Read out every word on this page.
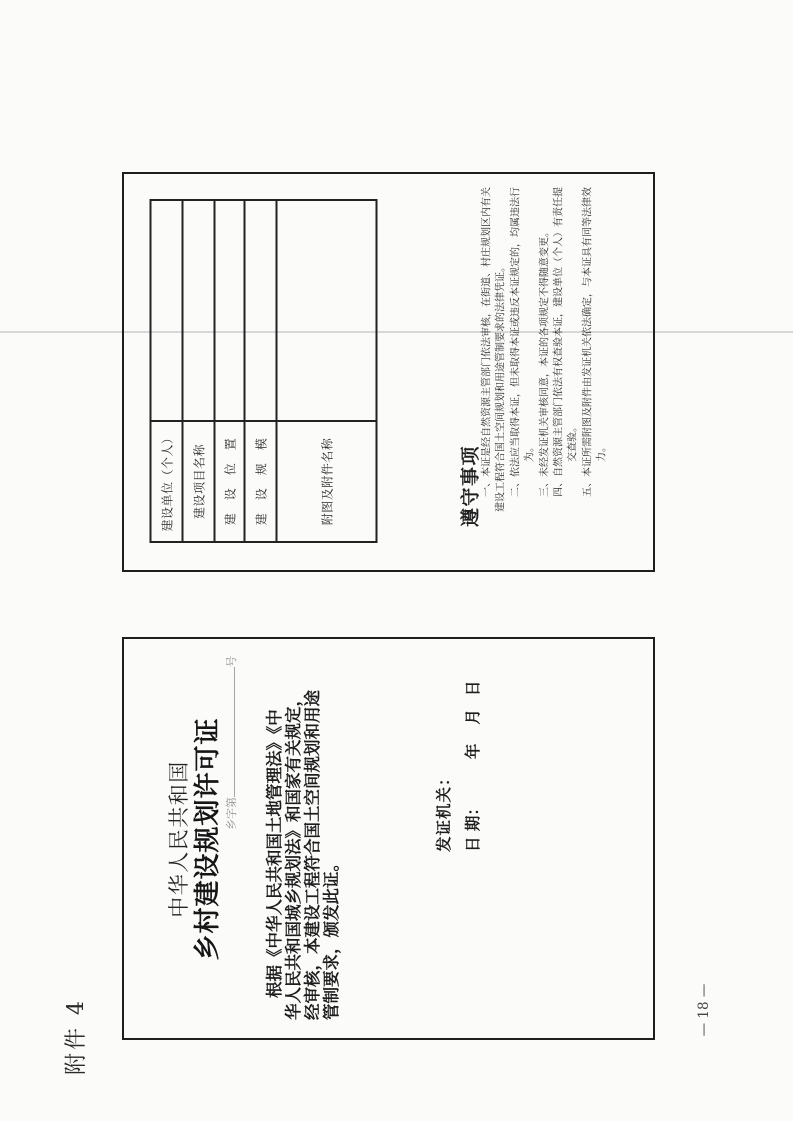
附件 4
建设单位（个人） 建设项目名称 建　设　位　置 建　设　规　模	附图及附件名称	遵守事项 一、本证是经自然资源主管部门依法审核，在街道、村庄规划区内有关 建设工程符合国土空间规划和用途管制要求的法律凭证。 二、依法应当取得本证，但未取得本证或违反本证规定的，均属违法行 为。 三、未经发证机关审核同意，本证的各项规定不得随意变更。 四、自然资源主管部门依法有权查验本证，建设单位（个人）有责任提 交查验。 五、本证所需附图及附件由发证机关依法确定，与本证具有同等法律效 力。
中华人民共和国 乡村建设规划许可证 乡字第号
根据《中华人民共和国土地管理法》《中 华人民共和国城乡规划法》和国家有关规定， 经审核，本建设工程符合国土空间规划和用途 管制要求，颁发此证。
发证机关： 日 期：年月日
— 18 —
